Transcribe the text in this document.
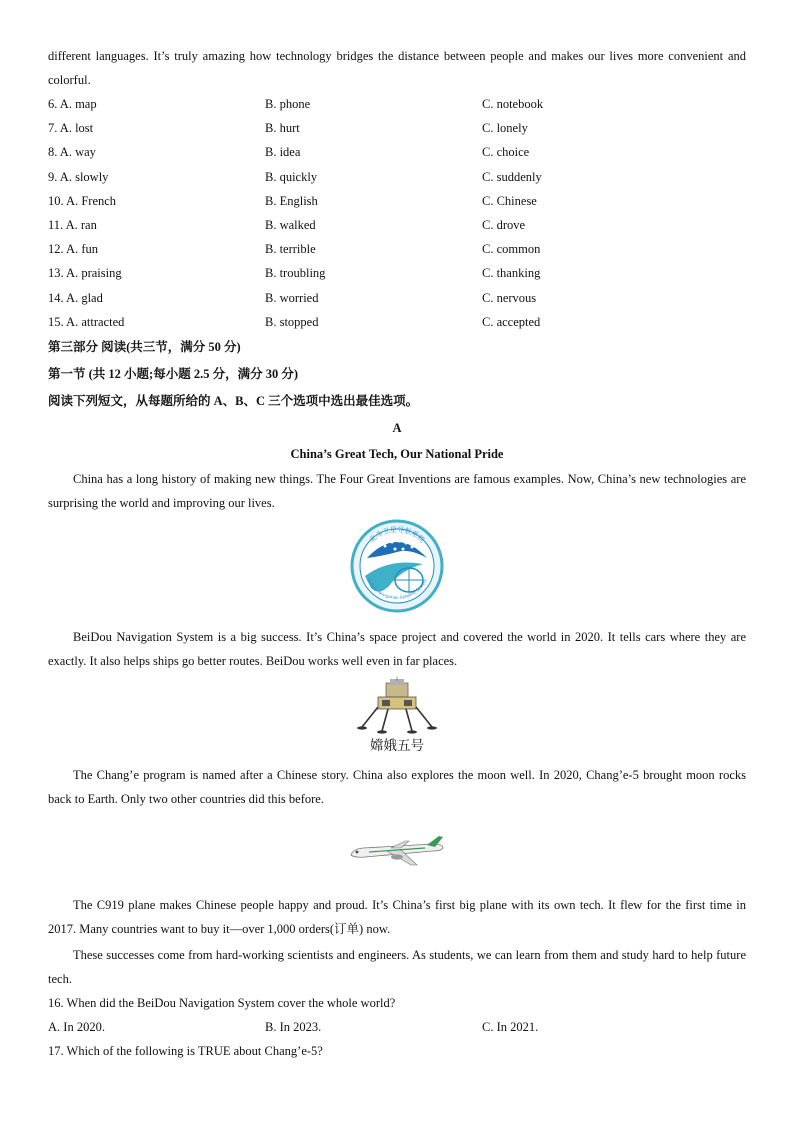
different languages. It’s truly amazing how technology bridges the distance between people and makes our lives more convenient and colorful.

6. A. map	B. phone	C. notebook
7. A. lost	B. hurt	C. lonely
8. A. way	B. idea	C. choice
9. A. slowly	B. quickly	C. suddenly
10. A. French	B. English	C. Chinese
11. A. ran	B. walked	C. drove
12. A. fun	B. terrible	C. common
13. A. praising	B. troubling	C. thanking
14. A. glad	B. worried	C. nervous
15. A. attracted	B. stopped	C. accepted
第三部分 阅读(共三节，满分 50 分)
第一节 (共 12 小题;每小题 2.5 分，满分 30 分)
阅读下列短文，从每题所给的 A、B、C 三个选项中选出最佳选项。
A
China’s Great Tech, Our National Pride

China has a long history of making new things. The Four Great Inventions are famous examples. Now, China’s new technologies are surprising the world and improving our lives.

北斗卫星导航系统
BeiDou Navigation Satellite System

BeiDou Navigation System is a big success. It’s China’s space project and covered the world in 2020. It tells cars where they are exactly. It also helps ships go better routes. BeiDou works well even in far places.

嫦娥五号

The Chang’e program is named after a Chinese story. China also explores the moon well. In 2020, Chang’e-5 brought moon rocks back to Earth. Only two other countries did this before.

The C919 plane makes Chinese people happy and proud. It’s China’s first big plane with its own tech. It flew for the first time in 2017. Many countries want to buy it—over 1,000 orders(订单) now.

These successes come from hard-working scientists and engineers. As students, we can learn from them and study hard to help future tech.

16. When did the BeiDou Navigation System cover the whole world?

A. In 2020.	B. In 2023.	C. In 2021.

17. Which of the following is TRUE about Chang’e-5?
